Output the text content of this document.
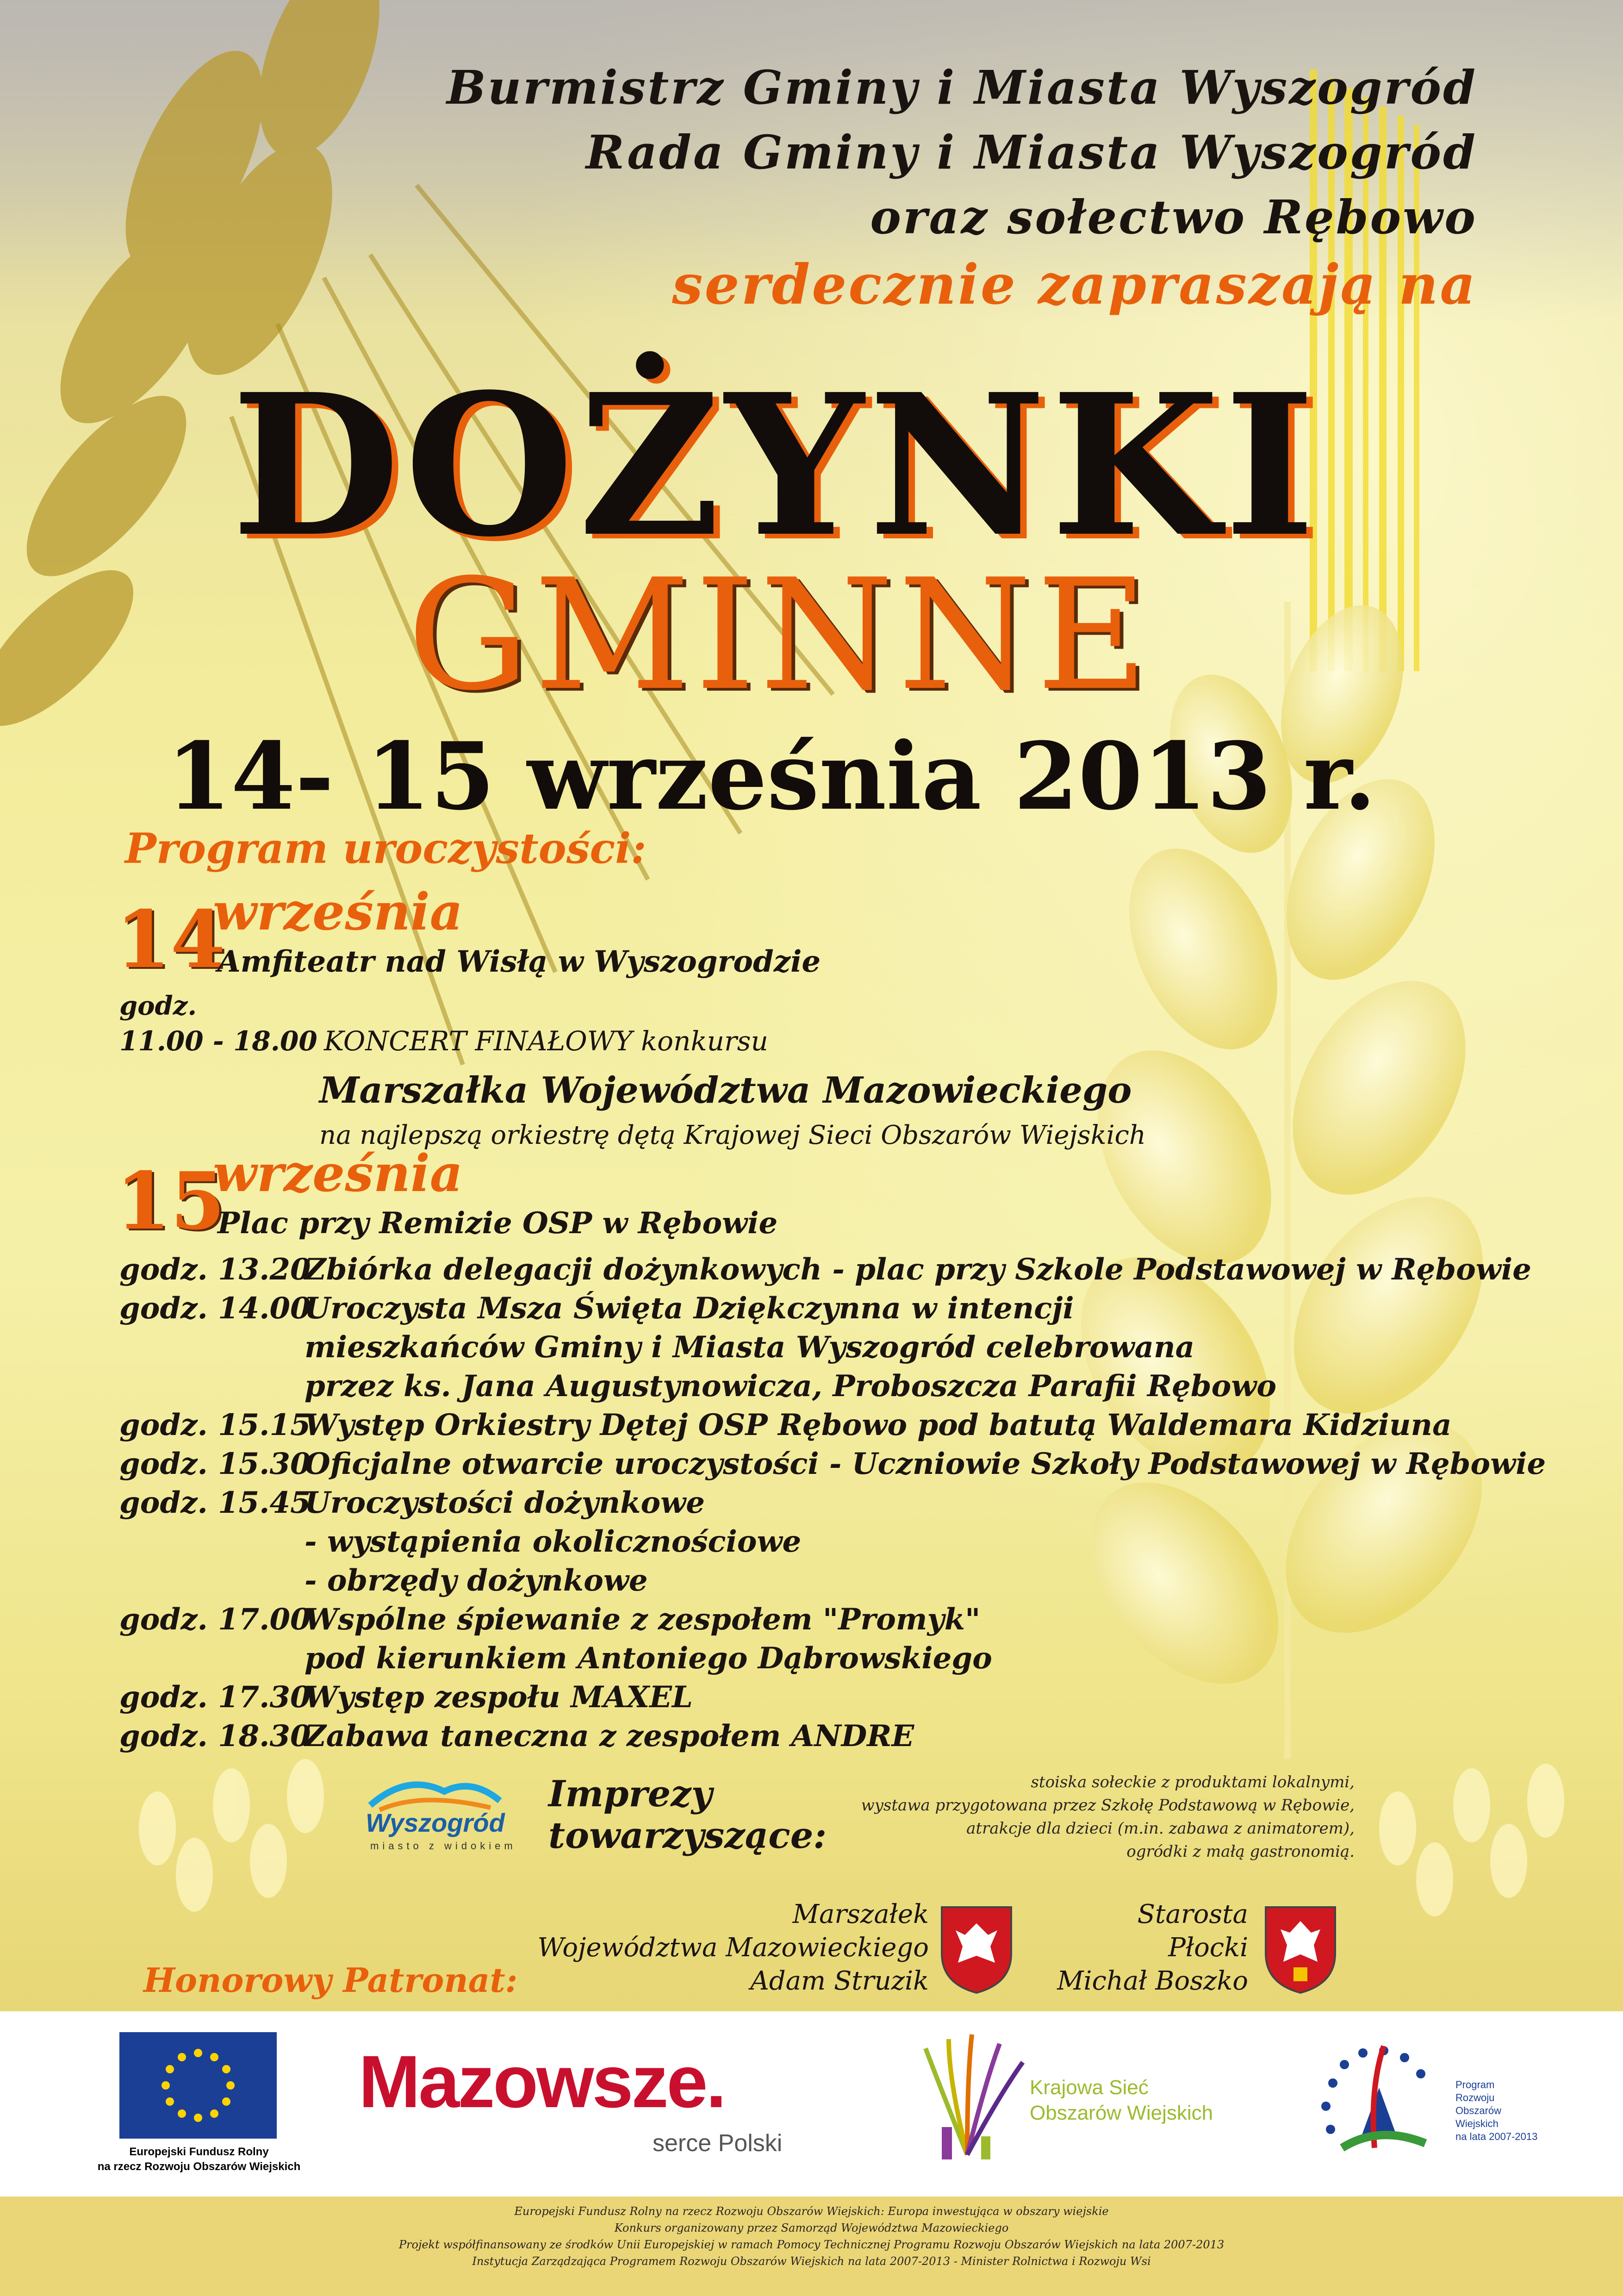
Burmistrz Gminy i Miasta Wyszogród
Rada Gminy i Miasta Wyszogród
oraz sołectwo Rębowo
serdecznie zapraszają na
DOŻYNKI
GMINNE
14- 15 września 2013 r.
Program uroczystości:
14
września
Amfiteatr nad Wisłą w Wyszogrodzie
godz.
11.00 - 18.00 KONCERT FINAŁOWY konkursu
Marszałka Województwa Mazowieckiego
na najlepszą orkiestrę dętą Krajowej Sieci Obszarów Wiejskich
15
września
Plac przy Remizie OSP w Rębowie
godz. 13.20
Zbiórka delegacji dożynkowych - plac przy Szkole Podstawowej w Rębowie
godz. 14.00
Uroczysta Msza Święta Dziękczynna w intencji
mieszkańców Gminy i Miasta Wyszogród celebrowana
przez ks. Jana Augustynowicza, Proboszcza Parafii Rębowo
godz. 15.15
Występ Orkiestry Dętej OSP Rębowo pod batutą Waldemara Kidziuna
godz. 15.30
Oficjalne otwarcie uroczystości - Uczniowie Szkoły Podstawowej w Rębowie
godz. 15.45
Uroczystości dożynkowe
- wystąpienia okolicznościowe
- obrzędy dożynkowe
godz. 17.00
Wspólne śpiewanie z zespołem "Promyk"
pod kierunkiem Antoniego Dąbrowskiego
godz. 17.30
Występ zespołu MAXEL
godz. 18.30
Zabawa taneczna z zespołem ANDRE
Wyszogród
miasto z widokiem
Imprezy
towarzyszące:
stoiska sołeckie z produktami lokalnymi,
wystawa przygotowana przez Szkołę Podstawową w Rębowie,
atrakcje dla dzieci (m.in. zabawa z animatorem),
ogródki z małą gastronomią.
Honorowy Patronat:
Marszałek
Województwa Mazowieckiego
Adam Struzik
Starosta
Płocki
Michał Boszko
Europejski Fundusz Rolny
na rzecz Rozwoju Obszarów Wiejskich
Mazowsze.
serce Polski
Krajowa Sieć
Obszarów Wiejskich
Program
Rozwoju
Obszarów
Wiejskich
na lata 2007-2013
Europejski Fundusz Rolny na rzecz Rozwoju Obszarów Wiejskich: Europa inwestująca w obszary wiejskie
Konkurs organizowany przez Samorząd Województwa Mazowieckiego
Projekt współfinansowany ze środków Unii Europejskiej w ramach Pomocy Technicznej Programu Rozwoju Obszarów Wiejskich na lata 2007-2013
Instytucja Zarządzająca Programem Rozwoju Obszarów Wiejskich na lata 2007-2013 - Minister Rolnictwa i Rozwoju Wsi
